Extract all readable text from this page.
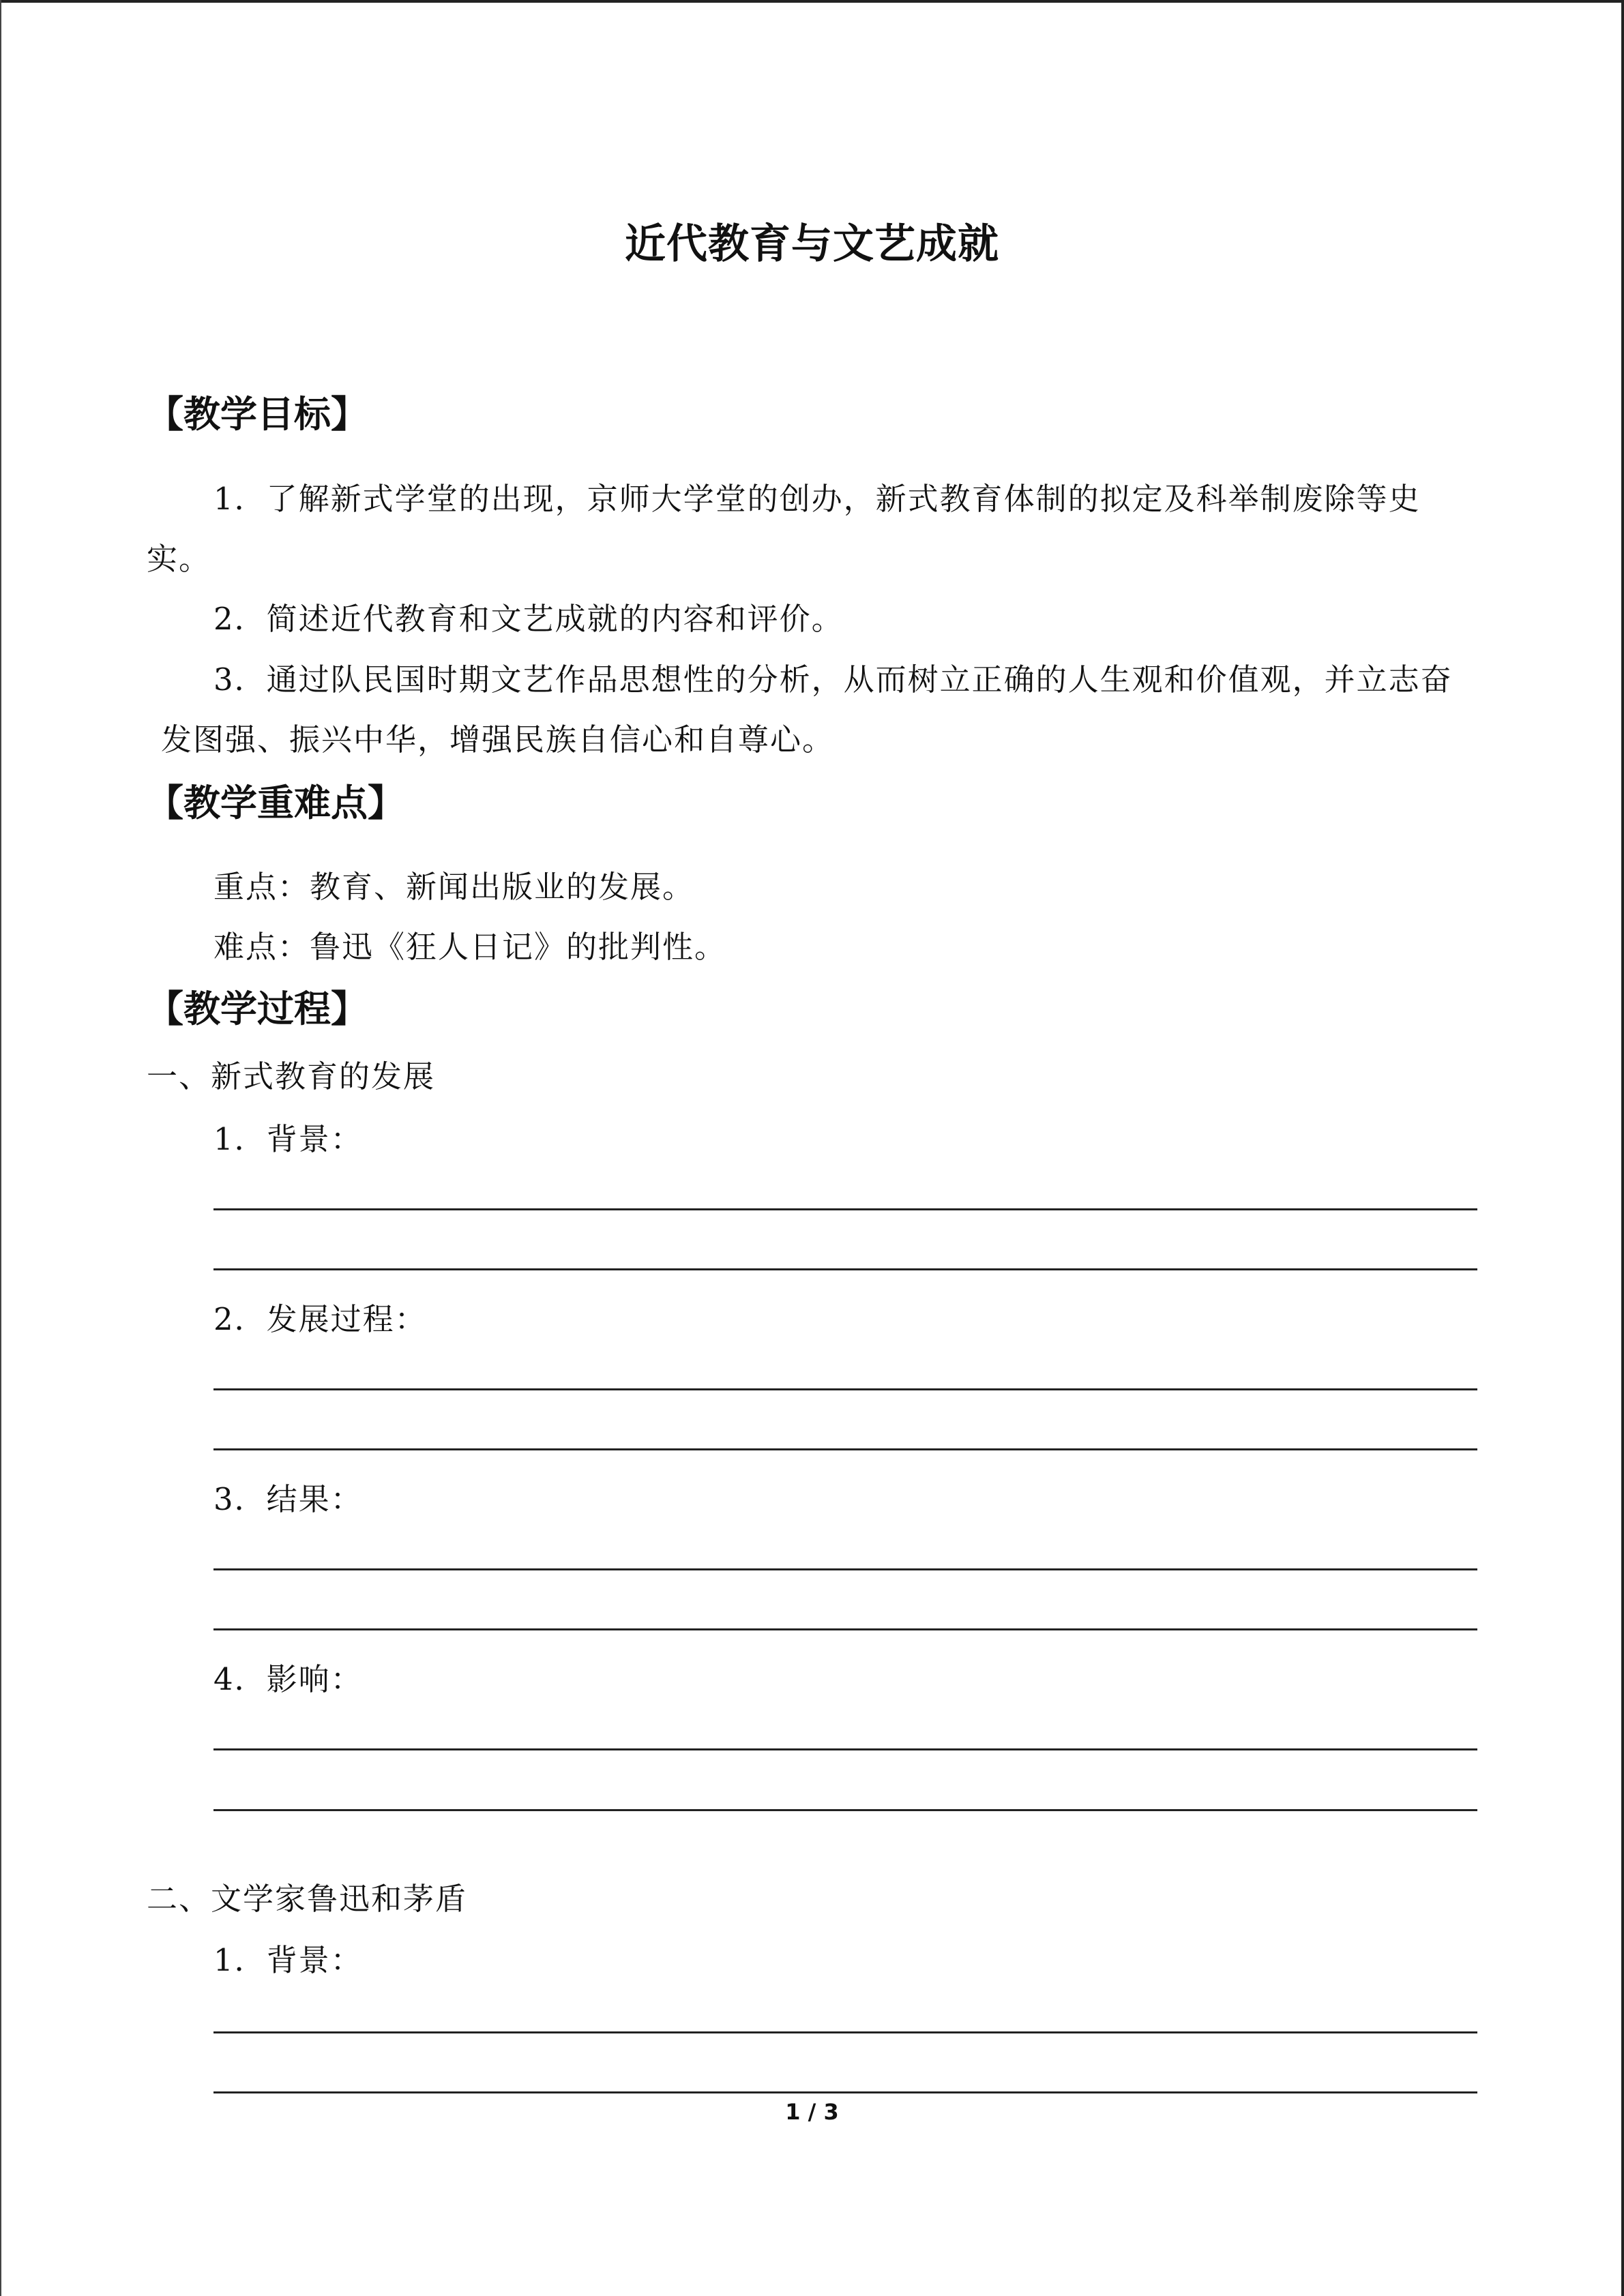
近代教育与文艺成就
【教学目标】
1．了解新式学堂的出现，京师大学堂的创办，新式教育体制的拟定及科举制废除等史
实。
2．简述近代教育和文艺成就的内容和评价。
3．通过队民国时期文艺作品思想性的分析，从而树立正确的人生观和价值观，并立志奋
发图强、振兴中华，增强民族自信心和自尊心。
【教学重难点】
重点：教育、新闻出版业的发展。
难点：鲁迅《狂人日记》的批判性。
【教学过程】
一、新式教育的发展
1．背景：
2．发展过程：
3．结果：
4．影响：
二、文学家鲁迅和茅盾
1．背景：
1 / 3
